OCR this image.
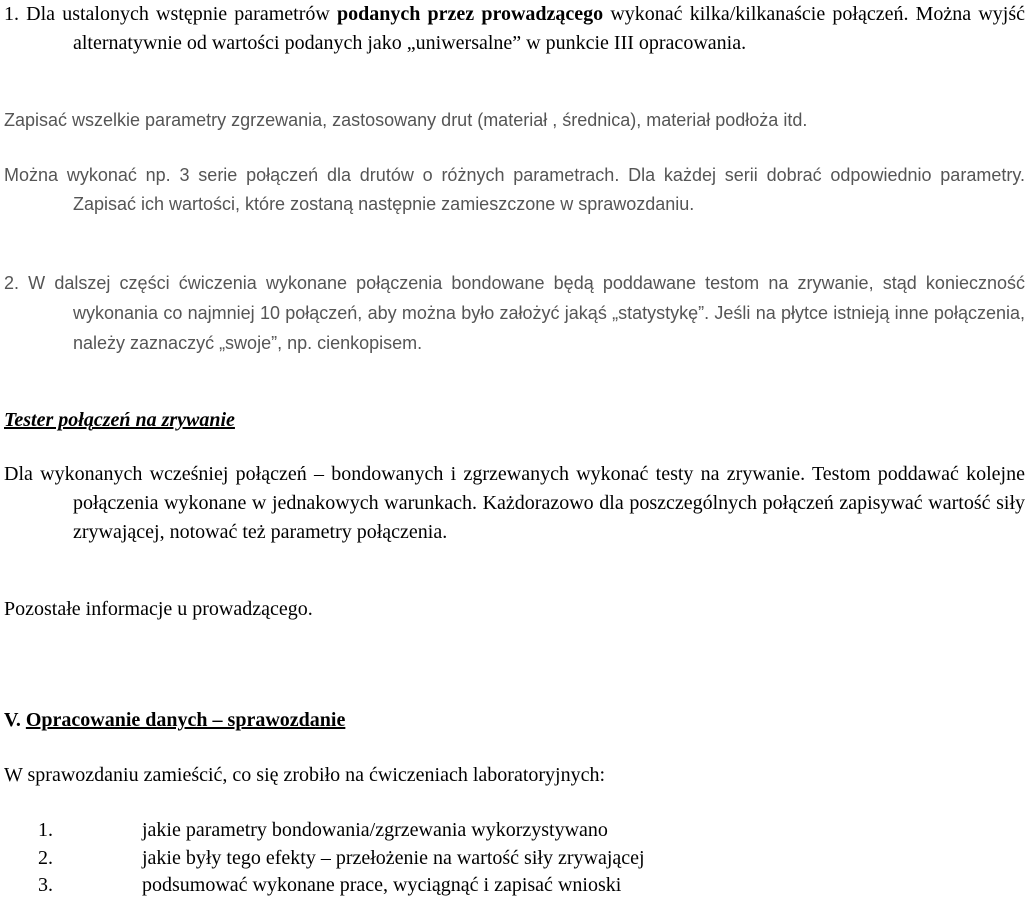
1. Dla ustalonych wstępnie parametrów podanych przez prowadzącego wykonać kilka/kilkanaście połączeń. Można wyjść alternatywnie od wartości podanych jako „uniwersalne” w punkcie III opracowania.
Zapisać wszelkie parametry zgrzewania, zastosowany drut (materiał , średnica), materiał podłoża itd.
Można wykonać np. 3 serie połączeń dla drutów o różnych parametrach. Dla każdej serii dobrać odpowiednio parametry. Zapisać ich wartości, które zostaną następnie zamieszczone w sprawozdaniu.
2. W dalszej części ćwiczenia wykonane połączenia bondowane będą poddawane testom na zrywanie, stąd konieczność wykonania co najmniej 10 połączeń, aby można było założyć jakąś „statystykę”. Jeśli na płytce istnieją inne połączenia, należy zaznaczyć „swoje”, np. cienkopisem.
Tester połączeń na zrywanie
Dla wykonanych wcześniej połączeń – bondowanych i zgrzewanych wykonać testy na zrywanie. Testom poddawać kolejne połączenia wykonane w jednakowych warunkach. Każdorazowo dla poszczególnych połączeń zapisywać wartość siły zrywającej, notować też parametry połączenia.
Pozostałe informacje u prowadzącego.
V. Opracowanie danych – sprawozdanie
W sprawozdaniu zamieścić, co się zrobiło na ćwiczeniach laboratoryjnych:
1.	jakie parametry bondowania/zgrzewania wykorzystywano
2.	jakie były tego efekty – przełożenie na wartość siły zrywającej
3.	podsumować wykonane prace, wyciągnąć i zapisać wnioski
